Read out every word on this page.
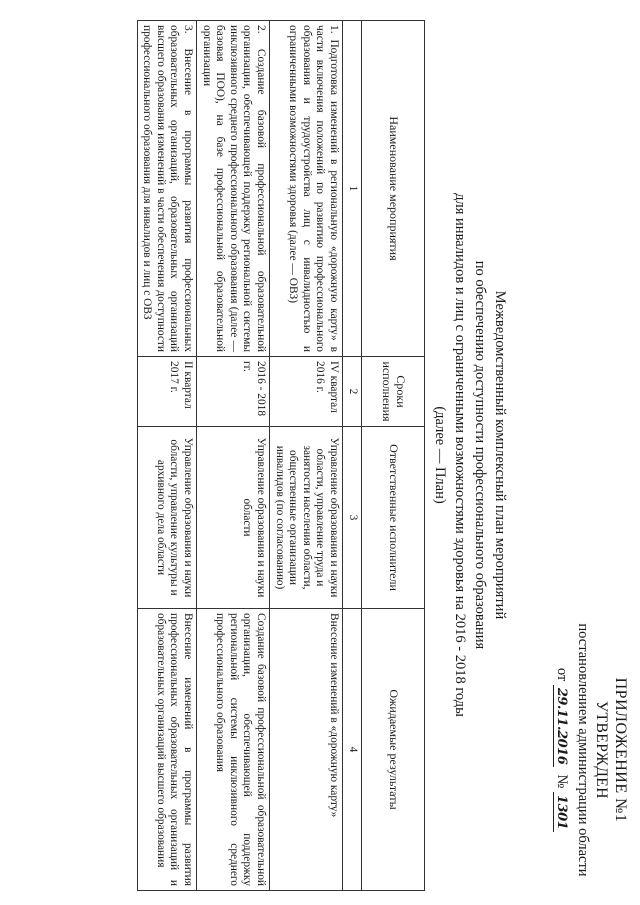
ПРИЛОЖЕНИЕ №1
УТВЕРЖДЕН
постановлением администрации области
от 29.11.2016  № 1301
Межведомственный комплексный план мероприятий
по обеспечению доступности профессионального образования
для инвалидов и лиц с ограниченными возможностями здоровья на 2016 - 2018 годы
(далее — План)
Наименование мероприятия	Сроки исполнения	Ответственные исполнители	Ожидаемые результаты
1	2	3	4
1. Подготовка изменений в региональную «дорожную карту» в части включения положений по развитию профессионального образования и трудоустройства лиц с инвалидностью и ограниченными возможностями здоровья (далее — ОВЗ)	IV квартал 2016 г.	Управление образования и науки области, управление труда и занятости населения области, общественные организации инвалидов (по согласованию)	Внесение изменений в «дорожную карту»
2. Создание базовой профессиональной образовательной организации, обеспечивающей поддержку региональной системы инклюзивного среднего профессионального образования (далее — базовая ПОО), на базе профессиональной образовательной организации	2016 - 2018 гг.	Управление образования и науки области	Создание базовой профессиональной образовательной организации, обеспечивающей поддержку региональной системы инклюзивного среднего профессионального образования
3. Внесение в программы развития профессиональных образовательных организаций, образовательных организаций высшего образования изменений в части обеспечения доступности профессионального образования для инвалидов и лиц с ОВЗ	II квартал 2017 г.	Управление образования и науки области, управление культуры и архивного дела области	Внесение изменений в программы развития профессиональных образовательных организаций и образовательных организаций высшего образования
